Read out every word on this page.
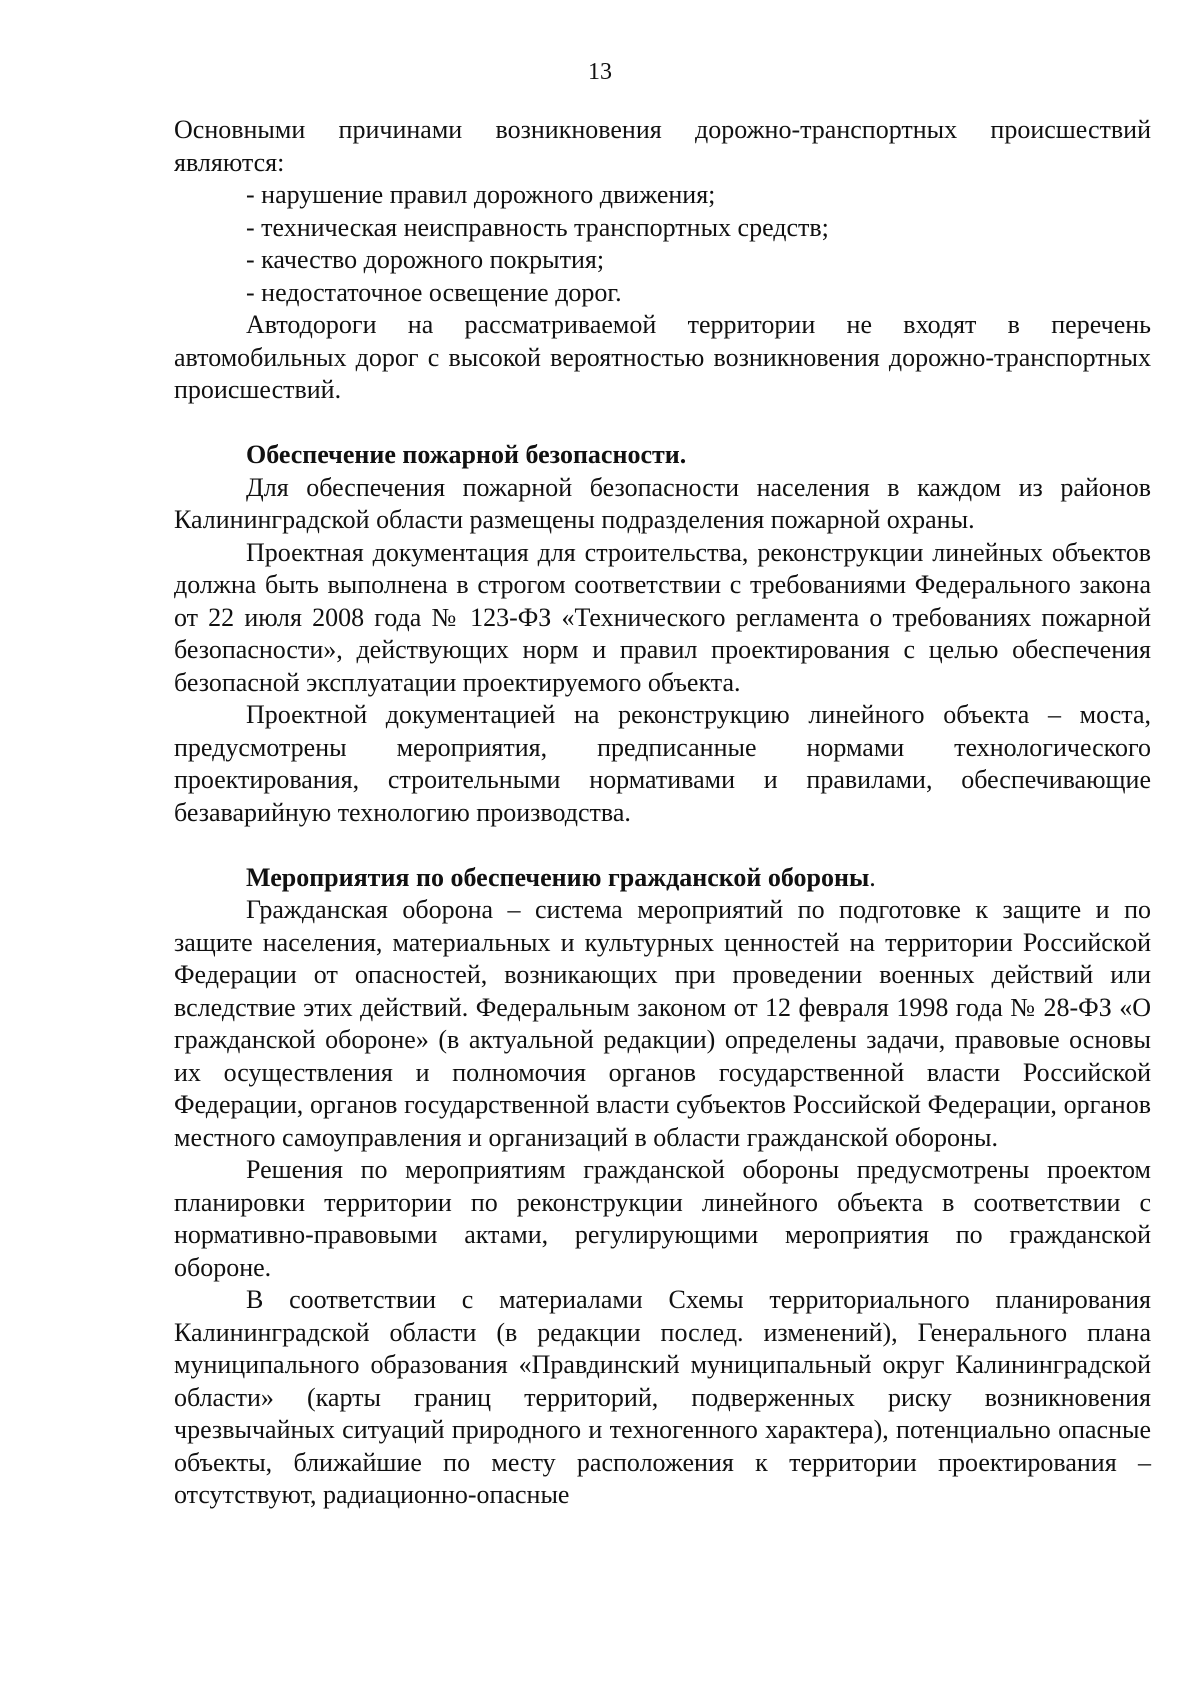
13

Основными причинами возникновения дорожно-транспортных происшествий являются:

- нарушение правил дорожного движения;

- техническая неисправность транспортных средств;

- качество дорожного покрытия;

- недостаточное освещение дорог.

Автодороги на рассматриваемой территории не входят в перечень автомобильных дорог с высокой вероятностью возникновения дорожно-транспортных происшествий.

Обеспечение пожарной безопасности.

Для обеспечения пожарной безопасности населения в каждом из районов Калининградской области размещены подразделения пожарной охраны.

Проектная документация для строительства, реконструкции линейных объектов должна быть выполнена в строгом соответствии с требованиями Федерального закона от 22 июля 2008 года № 123-ФЗ «Технического регламента о требованиях пожарной безопасности», действующих норм и правил проектирования с целью обеспечения безопасной эксплуатации проектируемого объекта.

Проектной документацией на реконструкцию линейного объекта – моста, предусмотрены мероприятия, предписанные нормами технологического проектирования, строительными нормативами и правилами, обеспечивающие безаварийную технологию производства.

Мероприятия по обеспечению гражданской обороны.

Гражданская оборона – система мероприятий по подготовке к защите и по защите населения, материальных и культурных ценностей на территории Российской Федерации от опасностей, возникающих при проведении военных действий или вследствие этих действий. Федеральным законом от 12 февраля 1998 года № 28-ФЗ «О гражданской обороне» (в актуальной редакции) определены задачи, правовые основы их осуществления и полномочия органов государственной власти Российской Федерации, органов государственной власти субъектов Российской Федерации, органов местного самоуправления и организаций в области гражданской обороны.

Решения по мероприятиям гражданской обороны предусмотрены проектом планировки территории по реконструкции линейного объекта в соответствии с нормативно-правовыми актами, регулирующими мероприятия по гражданской обороне.

В соответствии с материалами Схемы территориального планирования Калининградской области (в редакции послед. изменений), Генерального плана муниципального образования «Правдинский муниципальный округ Калининградской области» (карты границ территорий, подверженных риску возникновения чрезвычайных ситуаций природного и техногенного характера), потенциально опасные объекты, ближайшие по месту расположения к территории проектирования – отсутствуют, радиационно-опасные
